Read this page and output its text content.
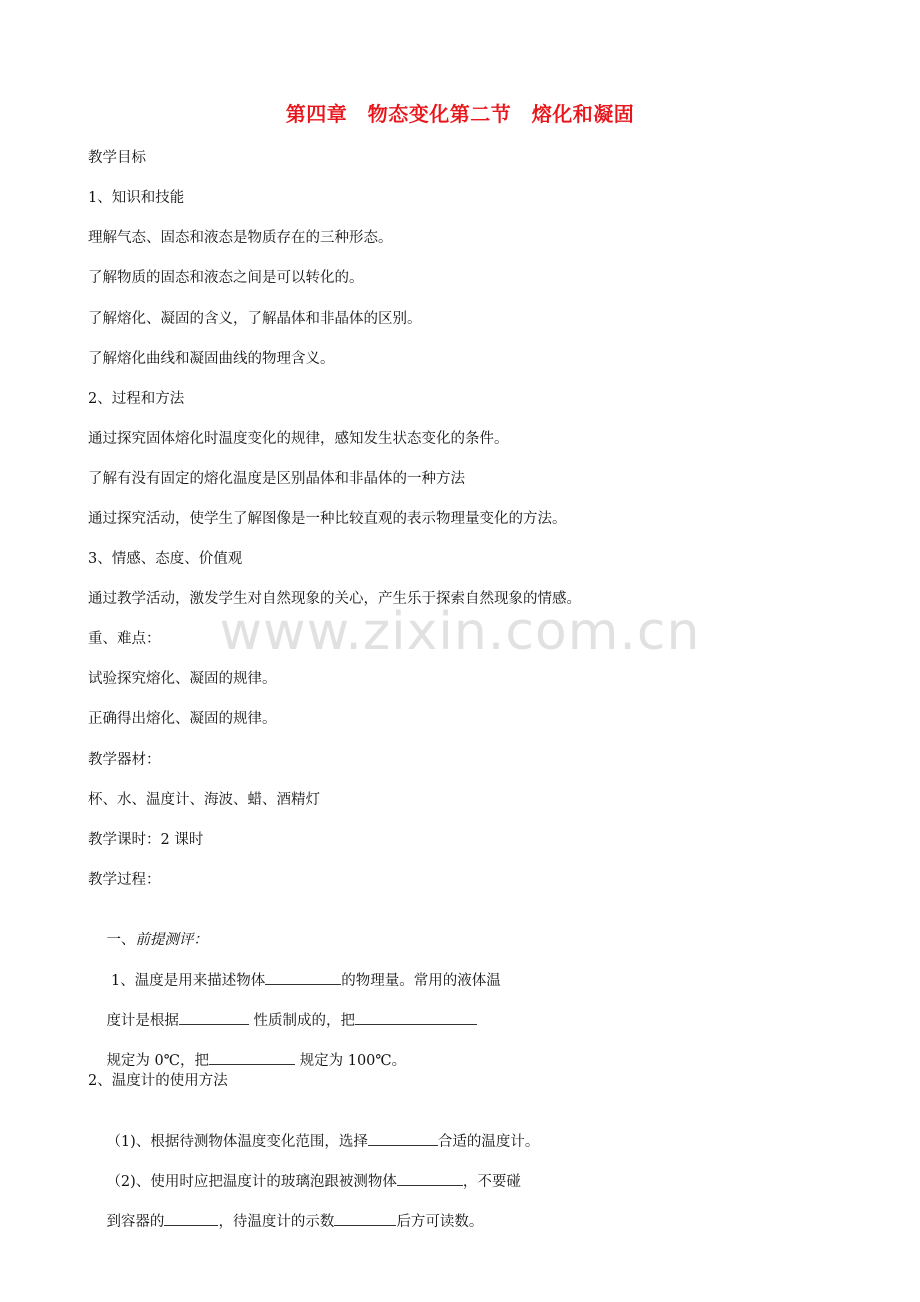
第四章　物态变化第二节　熔化和凝固
www.zixin.com.cn
教学目标
1、知识和技能
理解气态、固态和液态是物质存在的三种形态。
了解物质的固态和液态之间是可以转化的。
了解熔化、凝固的含义，了解晶体和非晶体的区别。
了解熔化曲线和凝固曲线的物理含义。
2、过程和方法
通过探究固体熔化时温度变化的规律，感知发生状态变化的条件。
了解有没有固定的熔化温度是区别晶体和非晶体的一种方法
通过探究活动，使学生了解图像是一种比较直观的表示物理量变化的方法。
3、情感、态度、价值观
通过教学活动，激发学生对自然现象的关心，产生乐于探索自然现象的情感。
重、难点：
试验探究熔化、凝固的规律。
正确得出熔化、凝固的规律。
教学器材：
杯、水、温度计、海波、蜡、酒精灯
教学课时：2 课时
教学过程：

一、前提测评：

1、温度是用来描述物体	的物理量。常用的液体温

度计是根据	性质制成的，把

规定为 0℃，把	规定为 100℃。

2、温度计的使用方法

（1)、根据待测物体温度变化范围，选择	合适的温度计。

（2)、使用时应把温度计的玻璃泡跟被测物体	，不要碰

到容器的	，待温度计的示数	后方可读数。
